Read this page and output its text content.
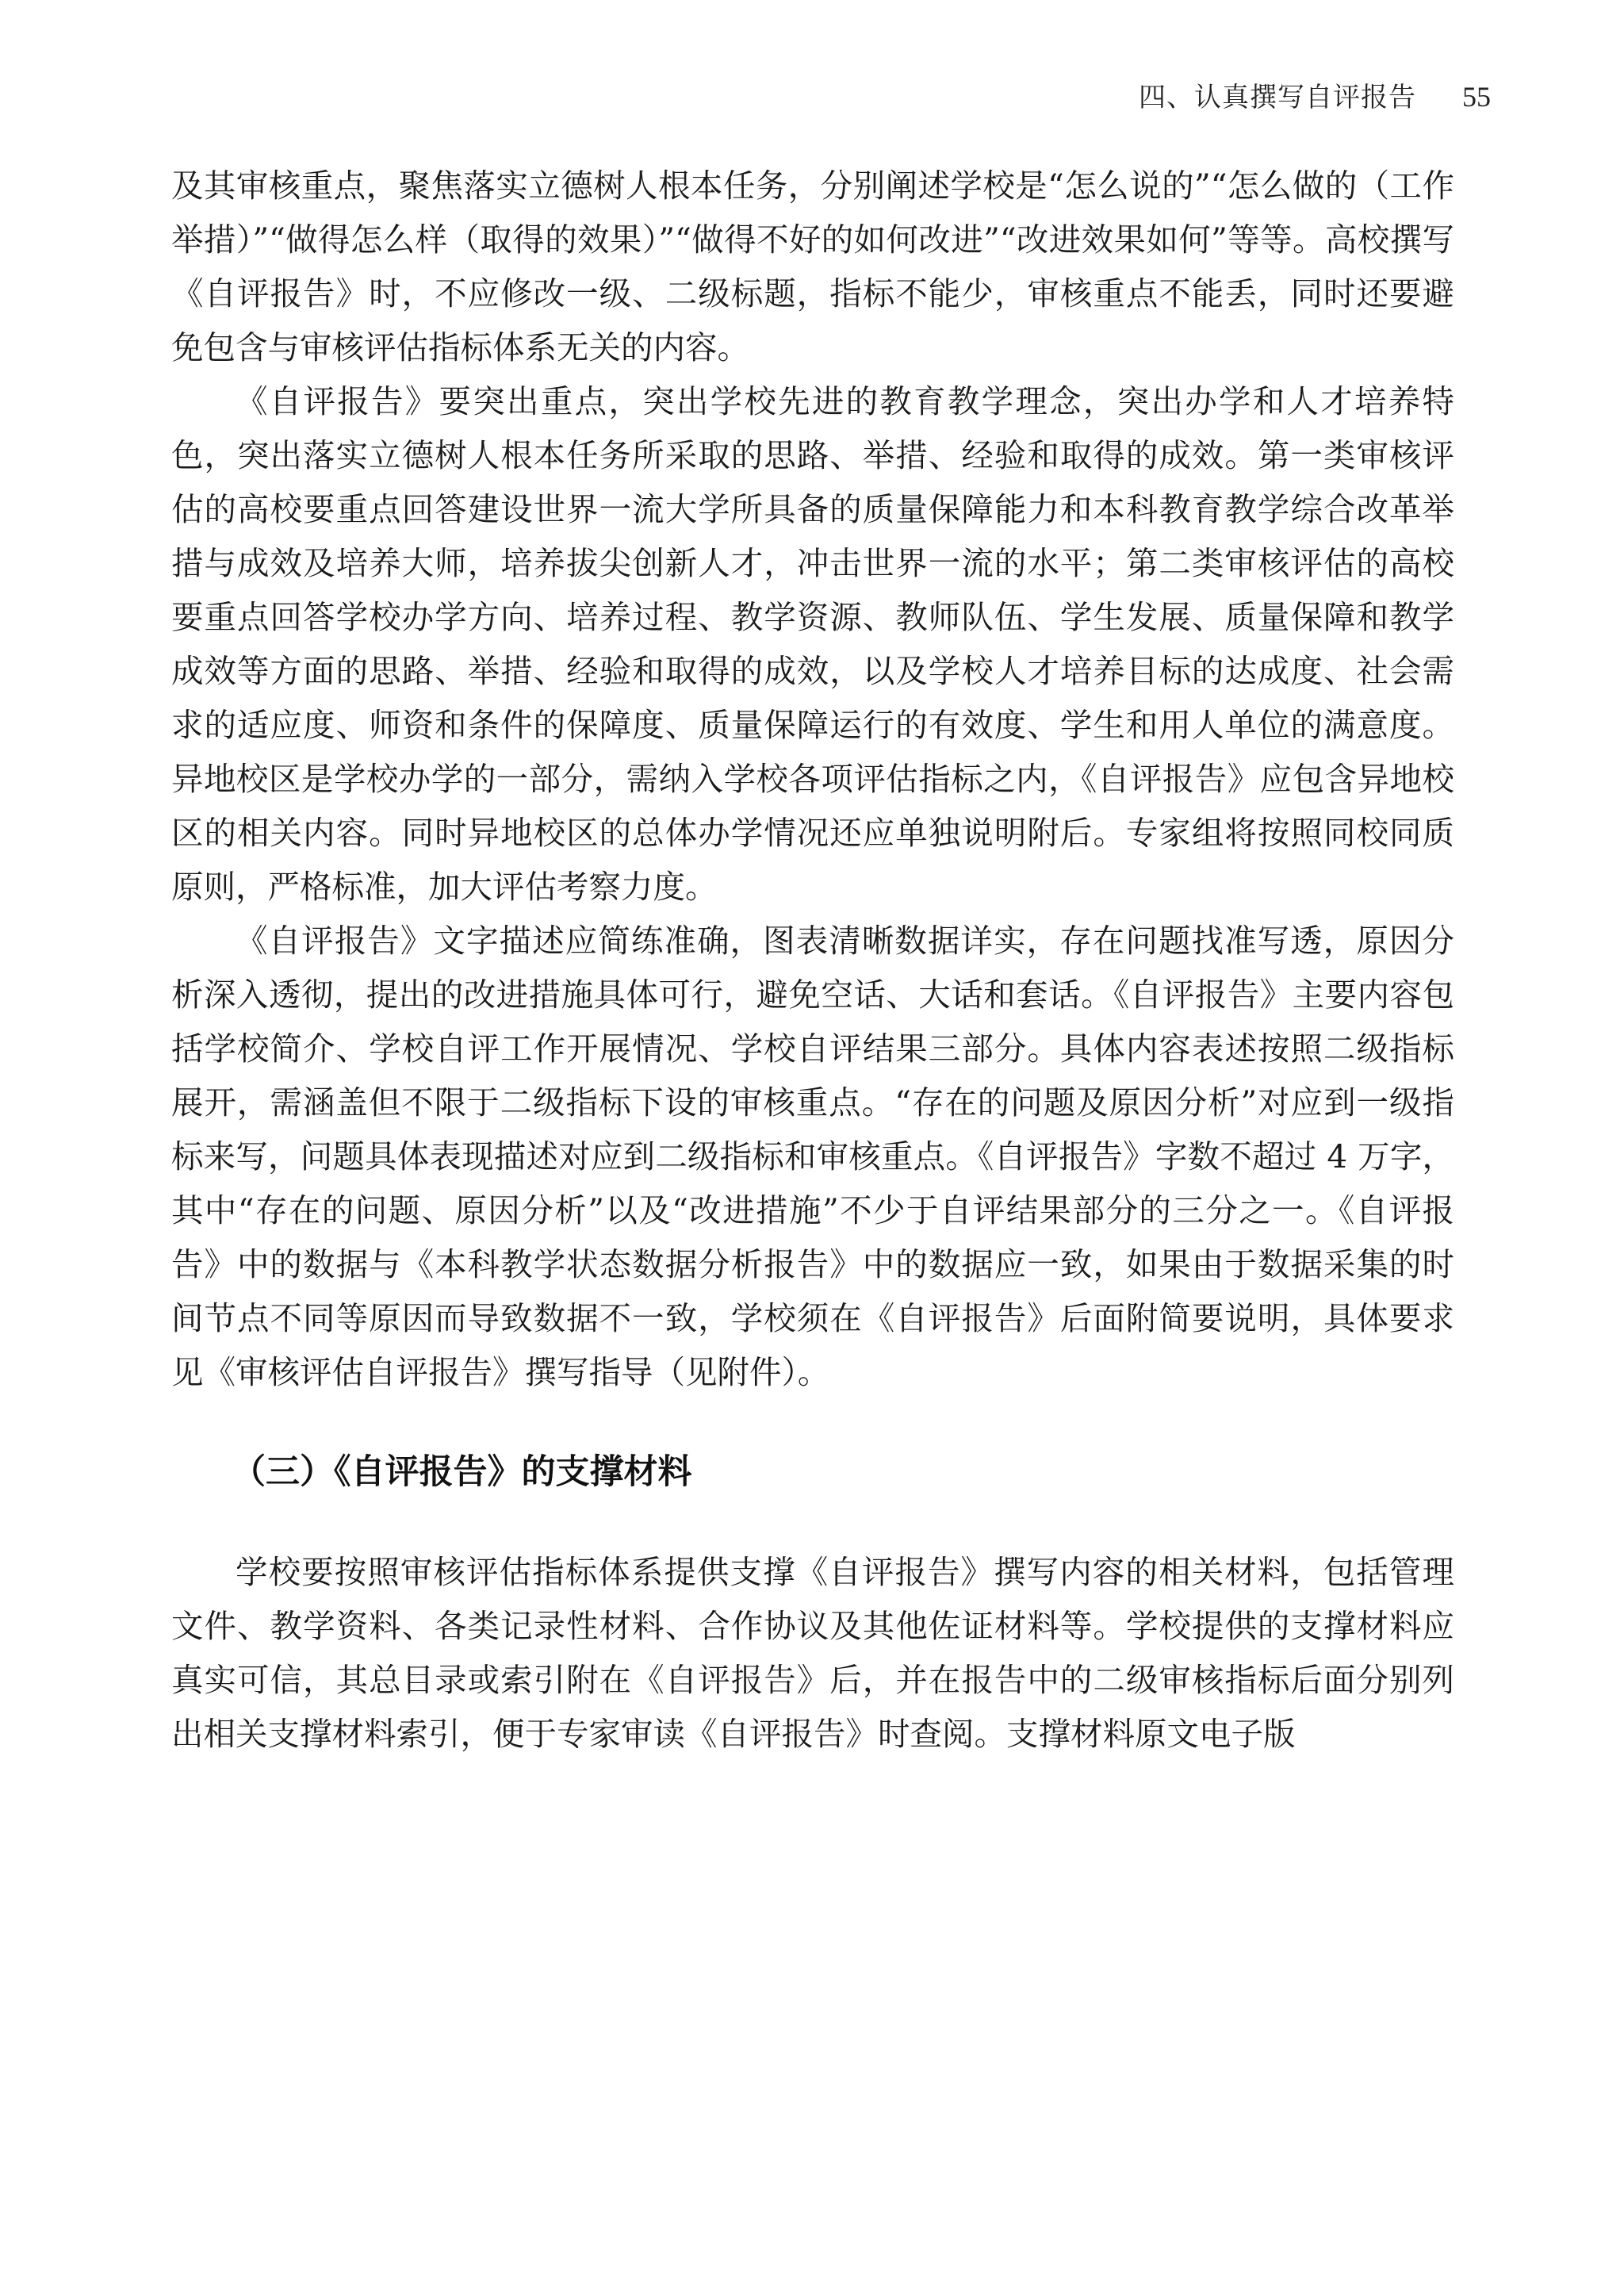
四、认真撰写自评报告 55

及其审核重点，聚焦落实立德树人根本任务，分别阐述学校是“怎么说的”“怎么做的（工作举措）”“做得怎么样（取得的效果）”“做得不好的如何改进”“改进效果如何”等等。高校撰写《自评报告》时，不应修改一级、二级标题，指标不能少，审核重点不能丢，同时还要避免包含与审核评估指标体系无关的内容。

《自评报告》要突出重点，突出学校先进的教育教学理念，突出办学和人才培养特色，突出落实立德树人根本任务所采取的思路、举措、经验和取得的成效。第一类审核评估的高校要重点回答建设世界一流大学所具备的质量保障能力和本科教育教学综合改革举措与成效及培养大师，培养拔尖创新人才，冲击世界一流的水平；第二类审核评估的高校要重点回答学校办学方向、培养过程、教学资源、教师队伍、学生发展、质量保障和教学成效等方面的思路、举措、经验和取得的成效，以及学校人才培养目标的达成度、社会需求的适应度、师资和条件的保障度、质量保障运行的有效度、学生和用人单位的满意度。异地校区是学校办学的一部分，需纳入学校各项评估指标之内，《自评报告》应包含异地校区的相关内容。同时异地校区的总体办学情况还应单独说明附后。专家组将按照同校同质原则，严格标准，加大评估考察力度。

《自评报告》文字描述应简练准确，图表清晰数据详实，存在问题找准写透，原因分析深入透彻，提出的改进措施具体可行，避免空话、大话和套话。《自评报告》主要内容包括学校简介、学校自评工作开展情况、学校自评结果三部分。具体内容表述按照二级指标展开，需涵盖但不限于二级指标下设的审核重点。“存在的问题及原因分析”对应到一级指标来写，问题具体表现描述对应到二级指标和审核重点。《自评报告》字数不超过 4 万字，其中“存在的问题、原因分析”以及“改进措施”不少于自评结果部分的三分之一。《自评报告》中的数据与《本科教学状态数据分析报告》中的数据应一致，如果由于数据采集的时间节点不同等原因而导致数据不一致，学校须在《自评报告》后面附简要说明，具体要求见《审核评估自评报告》撰写指导（见附件）。

（三）《自评报告》的支撑材料

学校要按照审核评估指标体系提供支撑《自评报告》撰写内容的相关材料，包括管理文件、教学资料、各类记录性材料、合作协议及其他佐证材料等。学校提供的支撑材料应真实可信，其总目录或索引附在《自评报告》后，并在报告中的二级审核指标后面分别列出相关支撑材料索引，便于专家审读《自评报告》时查阅。支撑材料原文电子版
